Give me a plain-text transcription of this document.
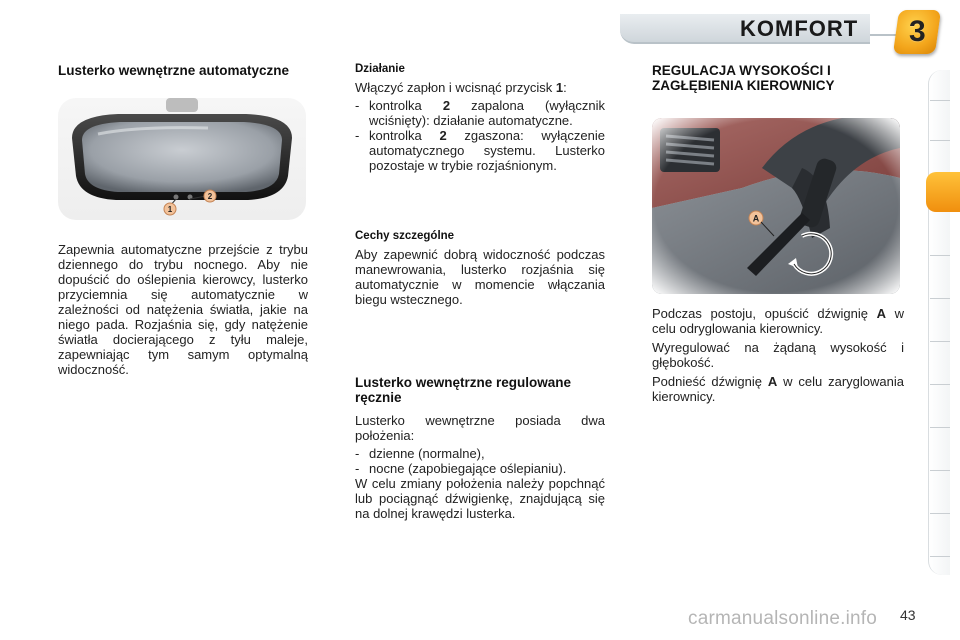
KOMFORT	3
Lusterko wewnętrzne automatyczne
1
2
Zapewnia automatyczne przejście z trybu dziennego do trybu nocnego. Aby nie dopuścić do oślepienia kierowcy, lusterko przyciemnia się automatycznie w zależności od natężenia światła, jakie na niego pada. Rozjaśnia się, gdy natężenie światła docierającego z tyłu maleje, zapewniając tym samym optymalną widoczność.
Działanie
Włączyć zapłon i wcisnąć przycisk 1:
- kontrolka 2 zapalona (wyłącznik wciśnięty): działanie automatyczne.
- kontrolka 2 zgaszona: wyłączenie automatycznego systemu. Lusterko pozostaje w trybie rozjaśnionym.
Cechy szczególne
Aby zapewnić dobrą widoczność podczas manewrowania, lusterko rozjaśnia się automatycznie w momencie włączania biegu wstecznego.
Lusterko wewnętrzne regulowane ręcznie
Lusterko wewnętrzne posiada dwa położenia:
- dzienne (normalne),
- nocne (zapobiegające oślepianiu).
W celu zmiany położenia należy popchnąć lub pociągnąć dźwigienkę, znajdującą się na dolnej krawędzi lusterka.
REGULACJA WYSOKOŚCI I ZAGŁĘBIENIA KIEROWNICY
Podczas postoju, opuścić dźwignię A w celu odryglowania kierownicy.
Wyregulować na żądaną wysokość i głębokość.
Podnieść dźwignię A w celu zaryglowania kierownicy.
carmanualsonline.info	43
